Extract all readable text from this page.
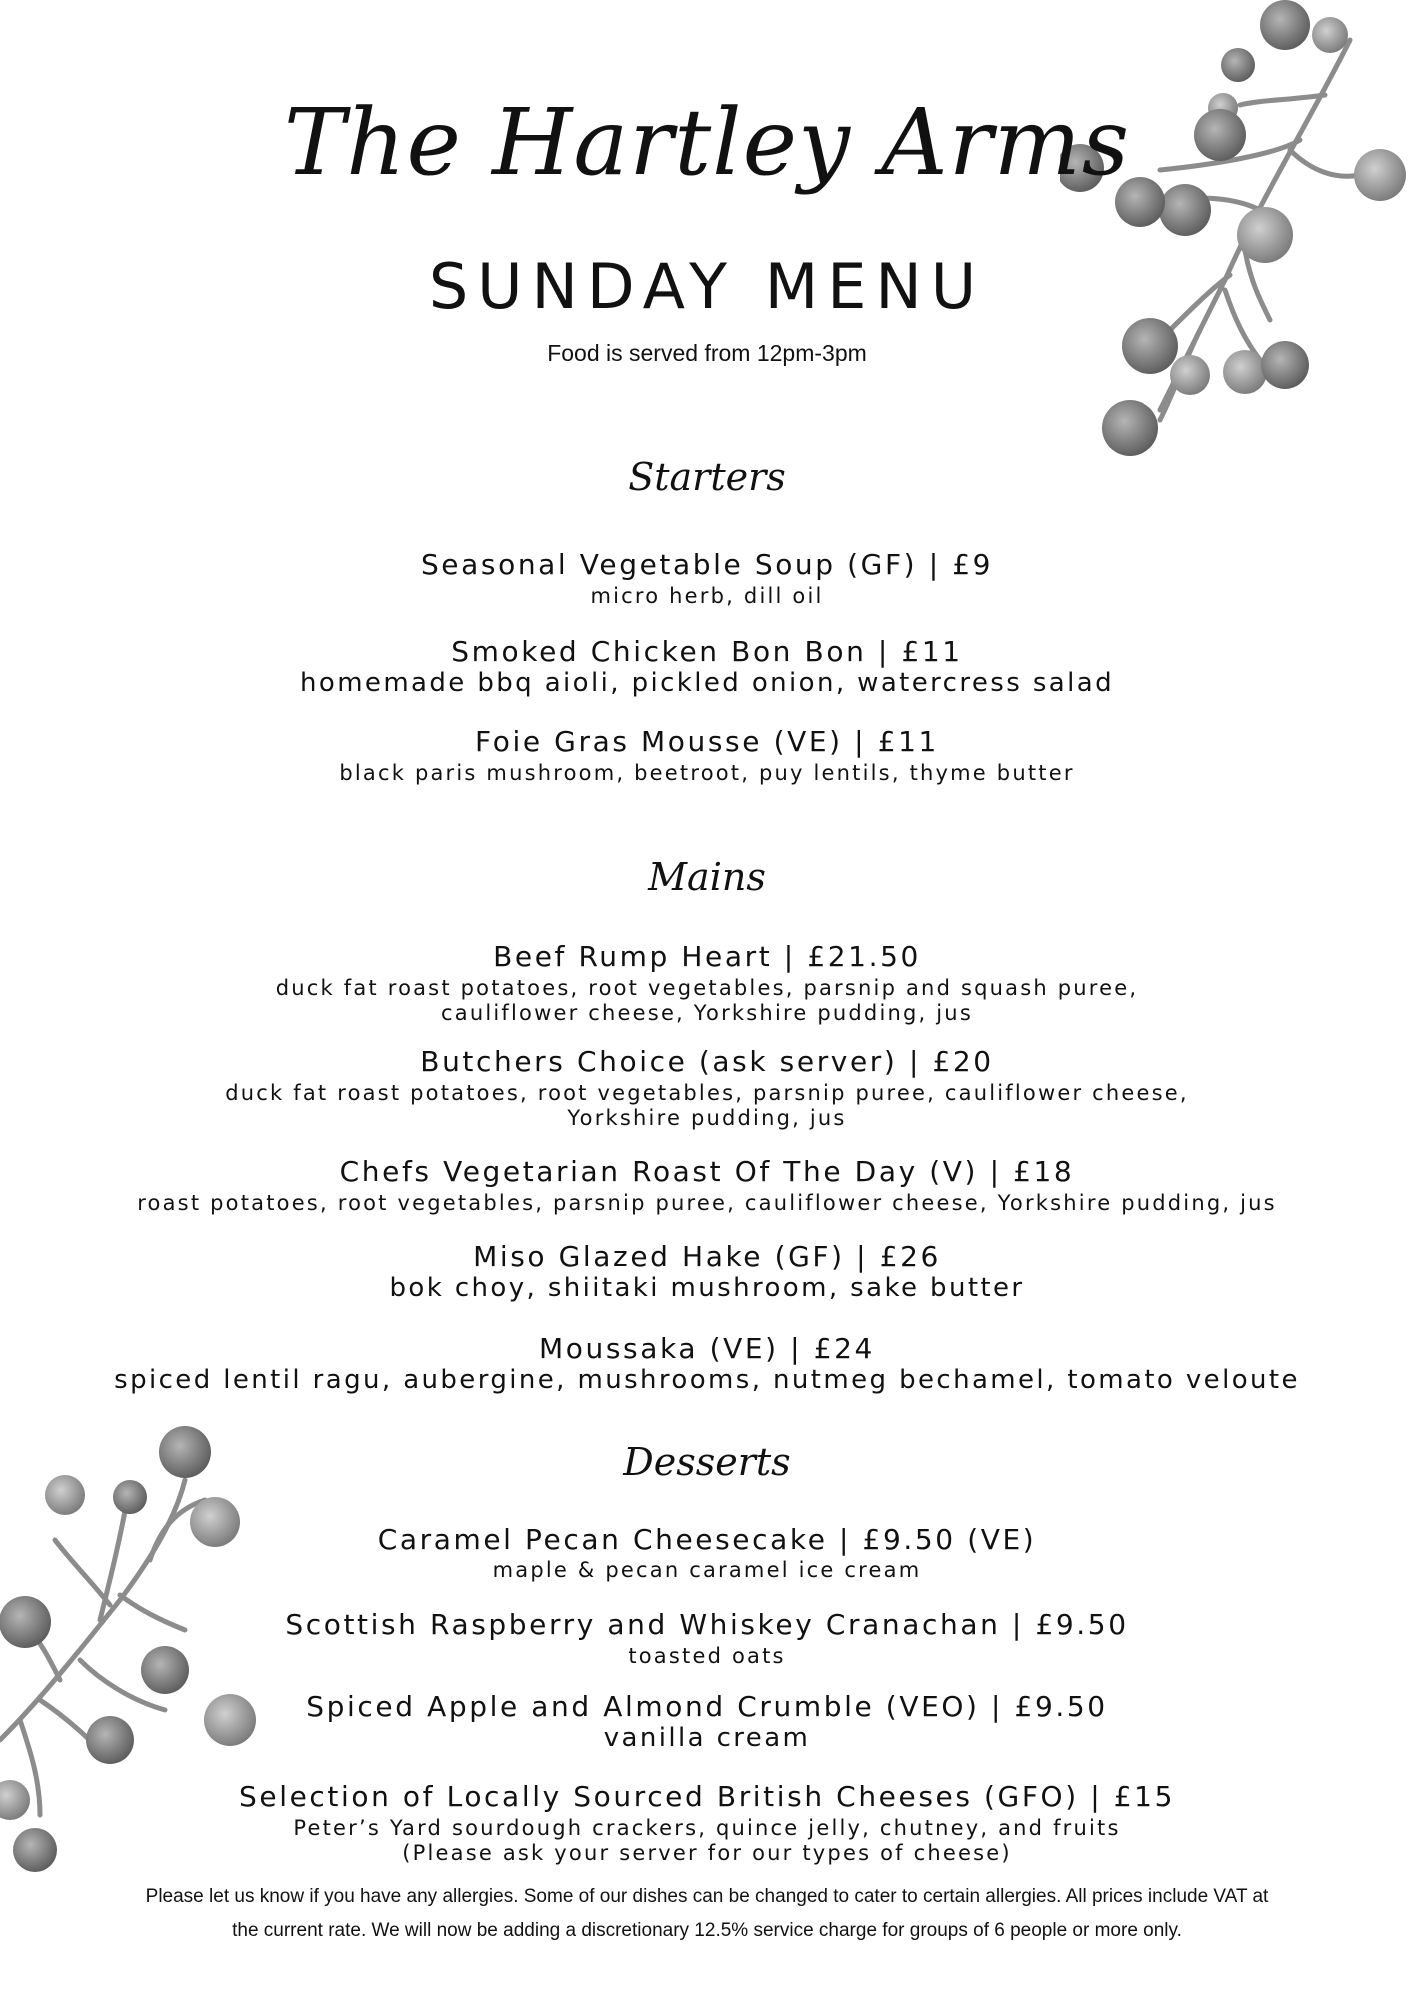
The Hartley Arms
SUNDAY MENU
Food is served from 12pm-3pm
Starters
Seasonal Vegetable Soup (GF) | £9
micro herb, dill oil
Smoked Chicken Bon Bon | £11
homemade bbq aioli, pickled onion, watercress salad
Foie Gras Mousse (VE) | £11
black paris mushroom, beetroot, puy lentils, thyme butter
Mains
Beef Rump Heart | £21.50
duck fat roast potatoes, root vegetables, parsnip and squash puree,
cauliflower cheese, Yorkshire pudding, jus
Butchers Choice (ask server) | £20
duck fat roast potatoes, root vegetables, parsnip puree, cauliflower cheese,
Yorkshire pudding, jus
Chefs Vegetarian Roast Of The Day (V) | £18
roast potatoes, root vegetables, parsnip puree, cauliflower cheese, Yorkshire pudding, jus
Miso Glazed Hake (GF) | £26
bok choy, shiitaki mushroom, sake butter
Moussaka (VE) | £24
spiced lentil ragu, aubergine, mushrooms, nutmeg bechamel, tomato veloute
Desserts
Caramel Pecan Cheesecake | £9.50 (VE)
maple & pecan caramel ice cream
Scottish Raspberry and Whiskey Cranachan | £9.50
toasted oats
Spiced Apple and Almond Crumble (VEO) | £9.50
vanilla cream
Selection of Locally Sourced British Cheeses (GFO) | £15
Peter’s Yard sourdough crackers, quince jelly, chutney, and fruits
(Please ask your server for our types of cheese)
Please let us know if you have any allergies. Some of our dishes can be changed to cater to certain allergies. All prices include VAT at
the current rate. We will now be adding a discretionary 12.5% service charge for groups of 6 people or more only.
